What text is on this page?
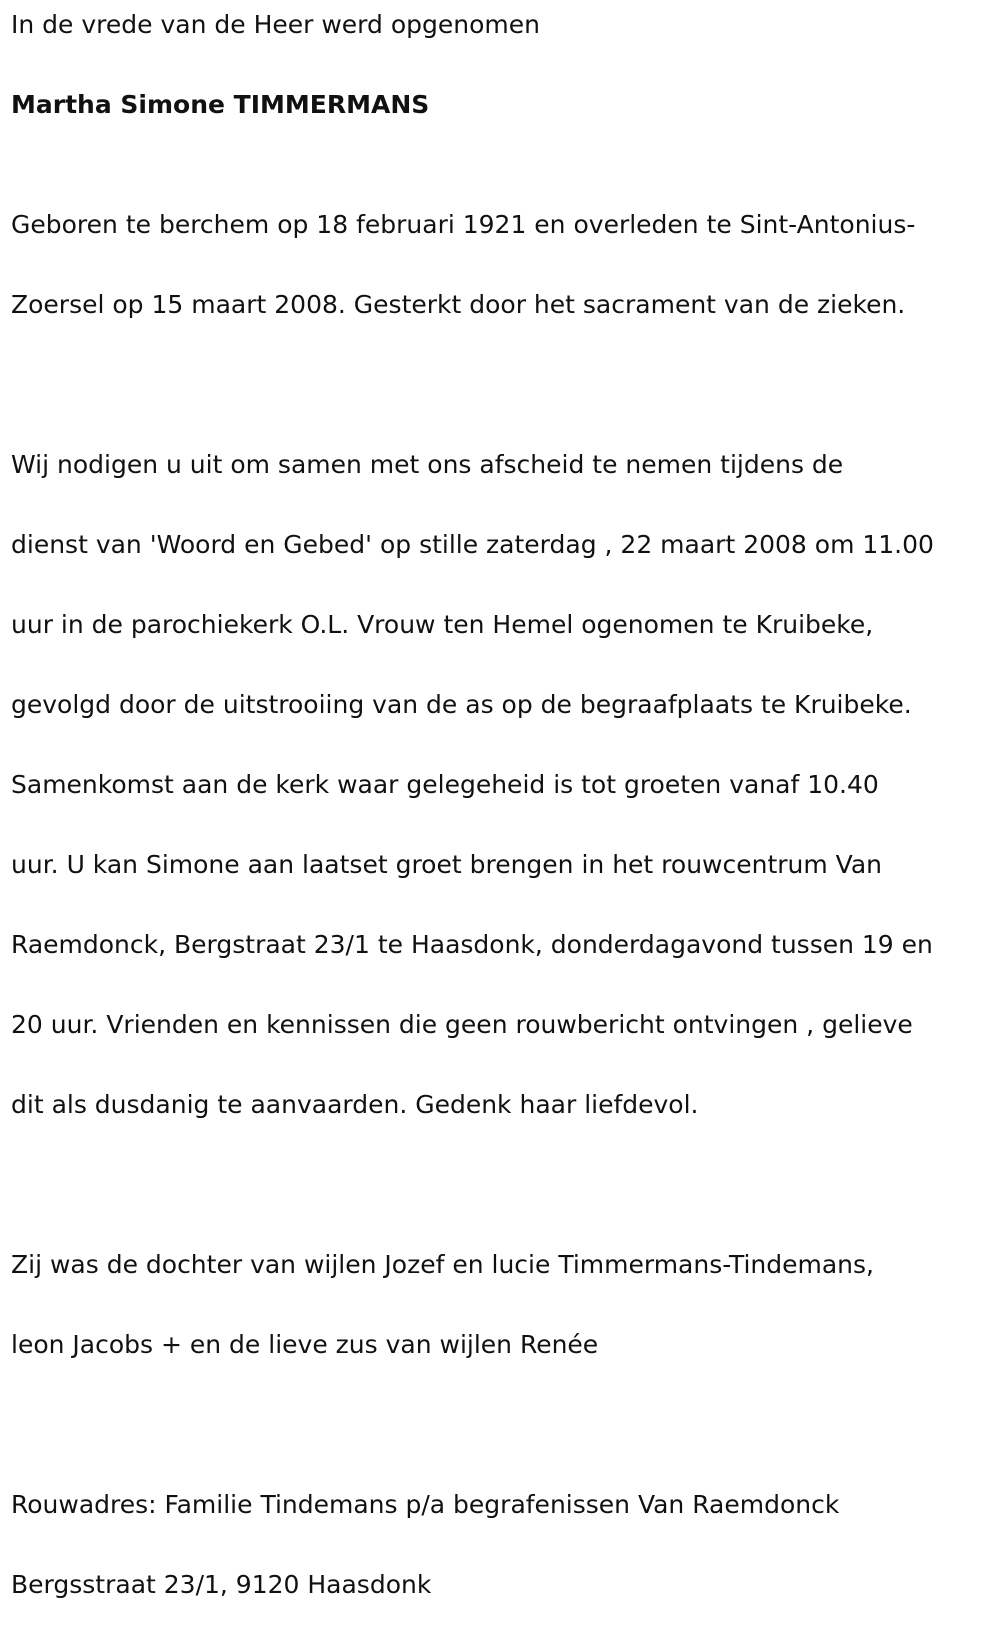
In de vrede van de Heer werd opgenomen

Martha Simone TIMMERMANS

Geboren te berchem op 18 februari 1921 en overleden te Sint-Antonius-

Zoersel op 15 maart 2008. Gesterkt door het sacrament van de zieken.

Wij nodigen u uit om samen met ons afscheid te nemen tijdens de

dienst van 'Woord en Gebed' op stille zaterdag , 22 maart 2008 om 11.00

uur in de parochiekerk O.L. Vrouw ten Hemel ogenomen te Kruibeke,

gevolgd door de uitstrooiing van de as op de begraafplaats te Kruibeke.

Samenkomst aan de kerk waar gelegeheid is tot groeten vanaf 10.40

uur. U kan Simone aan laatset groet brengen in het rouwcentrum Van

Raemdonck, Bergstraat 23/1 te Haasdonk, donderdagavond tussen 19 en

20 uur. Vrienden en kennissen die geen rouwbericht ontvingen , gelieve

dit als dusdanig te aanvaarden. Gedenk haar liefdevol.

Zij was de dochter van wijlen Jozef en lucie Timmermans-Tindemans,

leon Jacobs + en de lieve zus van wijlen Renée

Rouwadres: Familie Tindemans p/a begrafenissen Van Raemdonck

Bergsstraat 23/1, 9120 Haasdonk
